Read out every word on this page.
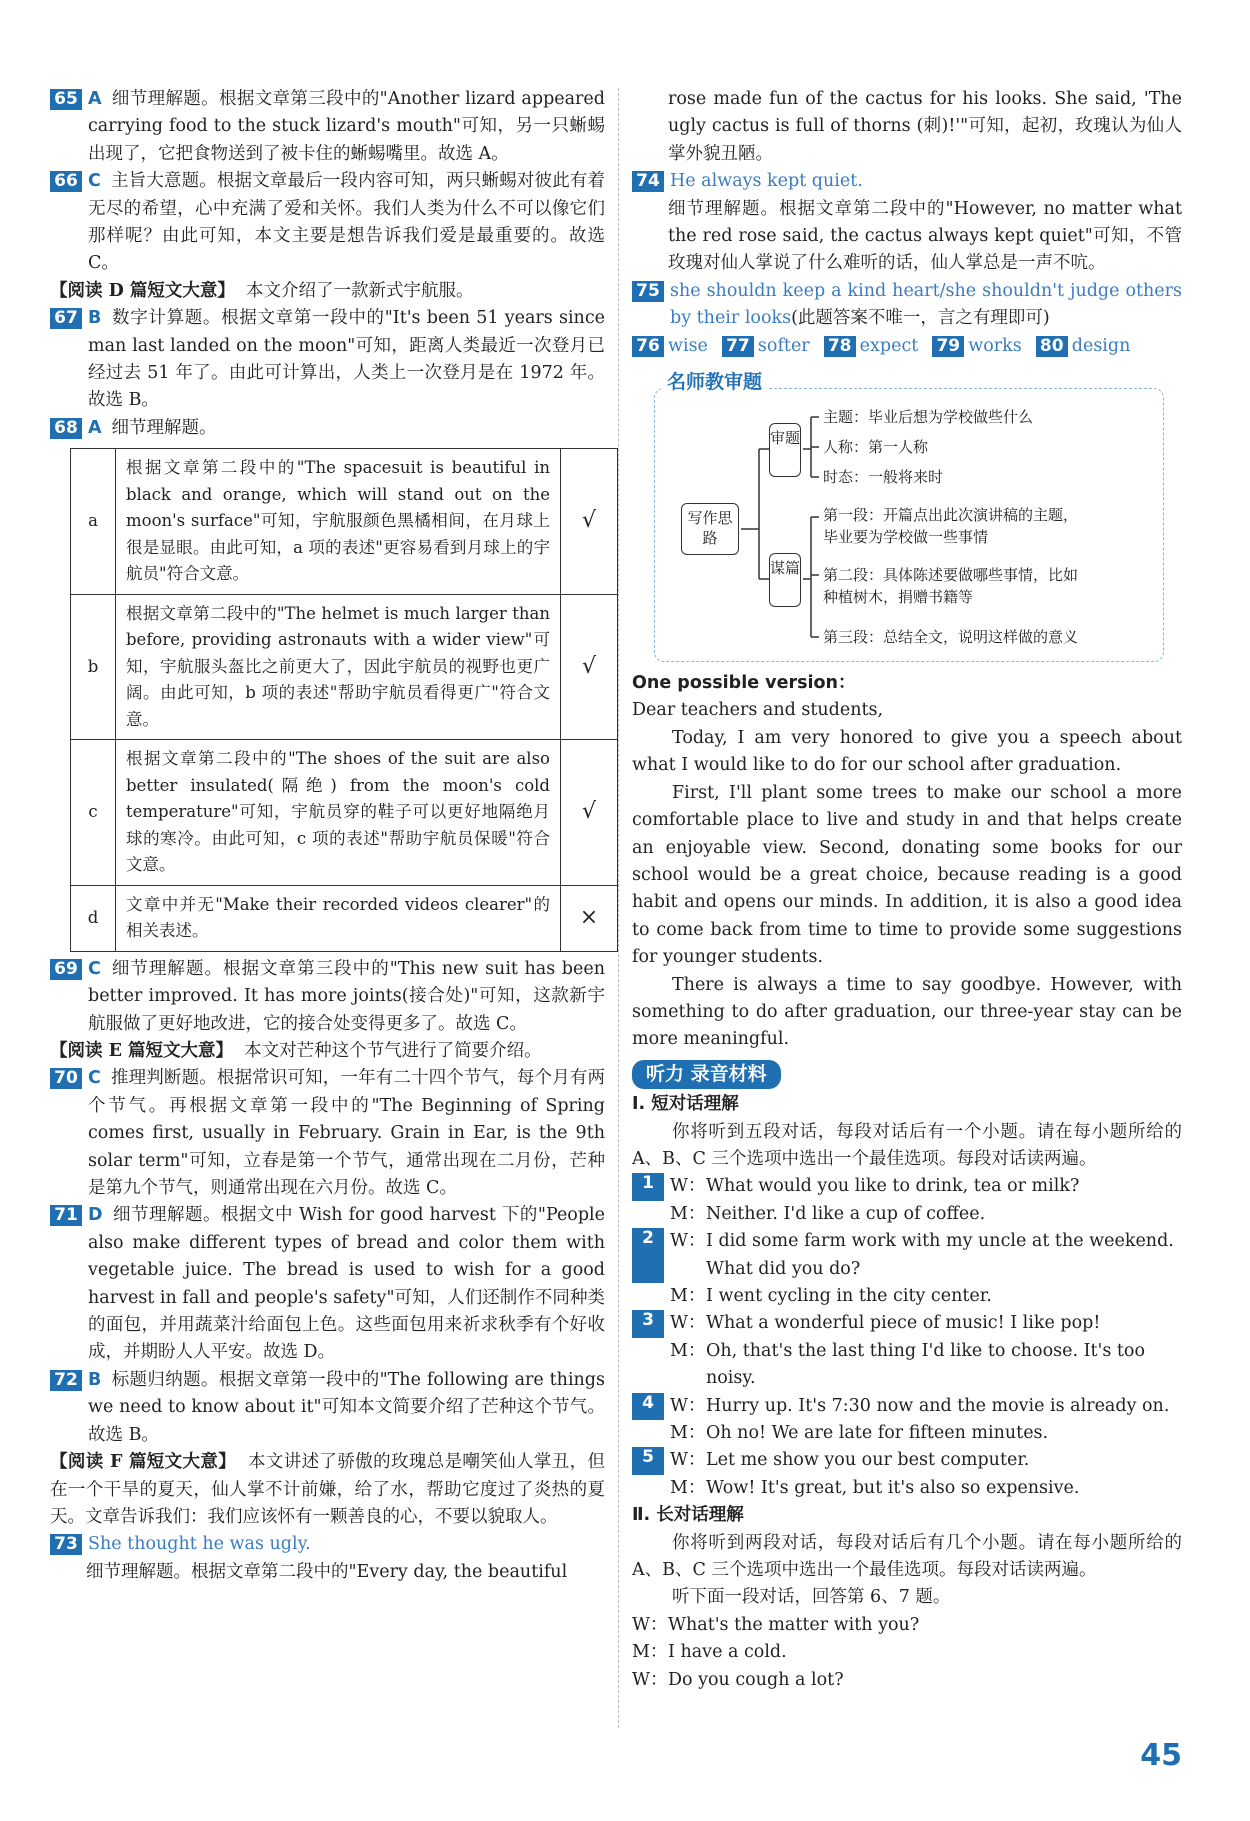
65 A 细节理解题。根据文章第三段中的"Another lizard appeared carrying food to the stuck lizard's mouth"可知，另一只蜥蜴出现了，它把食物送到了被卡住的蜥蜴嘴里。故选 A。
66 C 主旨大意题。根据文章最后一段内容可知，两只蜥蜴对彼此有着无尽的希望，心中充满了爱和关怀。我们人类为什么不可以像它们那样呢？由此可知，本文主要是想告诉我们爱是最重要的。故选 C。
【阅读 D 篇短文大意】 本文介绍了一款新式宇航服。
67 B 数字计算题。根据文章第一段中的"It's been 51 years since man last landed on the moon"可知，距离人类最近一次登月已经过去 51 年了。由此可计算出，人类上一次登月是在 1972 年。故选 B。
68 A 细节理解题。
a	根据文章第二段中的"The spacesuit is beautiful in black and orange, which will stand out on the moon's surface"可知，宇航服颜色黑橘相间，在月球上很是显眼。由此可知，a 项的表述"更容易看到月球上的宇航员"符合文意。	√
b	根据文章第二段中的"The helmet is much larger than before, providing astronauts with a wider view"可知，宇航服头盔比之前更大了，因此宇航员的视野也更广阔。由此可知，b 项的表述"帮助宇航员看得更广"符合文意。	√
c	根据文章第二段中的"The shoes of the suit are also better insulated(隔绝) from the moon's cold temperature"可知，宇航员穿的鞋子可以更好地隔绝月球的寒冷。由此可知，c 项的表述"帮助宇航员保暖"符合文意。	√
d	文章中并无"Make their recorded videos clearer"的相关表述。	×
69 C 细节理解题。根据文章第三段中的"This new suit has been better improved. It has more joints(接合处)"可知，这款新宇航服做了更好地改进，它的接合处变得更多了。故选 C。
【阅读 E 篇短文大意】 本文对芒种这个节气进行了简要介绍。
70 C 推理判断题。根据常识可知，一年有二十四个节气，每个月有两个节气。再根据文章第一段中的"The Beginning of Spring comes first, usually in February. Grain in Ear, is the 9th solar term"可知，立春是第一个节气，通常出现在二月份，芒种是第九个节气，则通常出现在六月份。故选 C。
71 D 细节理解题。根据文中 Wish for good harvest 下的"People also make different types of bread and color them with vegetable juice. The bread is used to wish for a good harvest in fall and people's safety"可知，人们还制作不同种类的面包，并用蔬菜汁给面包上色。这些面包用来祈求秋季有个好收成，并期盼人人平安。故选 D。
72 B 标题归纳题。根据文章第一段中的"The following are things we need to know about it"可知本文简要介绍了芒种这个节气。故选 B。
【阅读 F 篇短文大意】 本文讲述了骄傲的玫瑰总是嘲笑仙人掌丑，但在一个干旱的夏天，仙人掌不计前嫌，给了水，帮助它度过了炎热的夏天。文章告诉我们：我们应该怀有一颗善良的心，不要以貌取人。
73 She thought he was ugly.
细节理解题。根据文章第二段中的"Every day, the beautiful
rose made fun of the cactus for his looks. She said, 'The ugly cactus is full of thorns (刺)!'"可知，起初，玫瑰认为仙人掌外貌丑陋。
74 He always kept quiet.
细节理解题。根据文章第二段中的"However, no matter what the red rose said, the cactus always kept quiet"可知，不管玫瑰对仙人掌说了什么难听的话，仙人掌总是一声不吭。
75 she shouldn keep a kind heart/she shouldn't judge others by their looks(此题答案不唯一，言之有理即可)
76 wise 77 softer 78 expect 79 works 80 design
名师教审题
写作思路
审题
谋篇
主题：毕业后想为学校做些什么
人称：第一人称
时态：一般将来时
第一段：开篇点出此次演讲稿的主题，
毕业要为学校做一些事情
第二段：具体陈述要做哪些事情，比如
种植树木，捐赠书籍等
第三段：总结全文，说明这样做的意义
One possible version：
Dear teachers and students,
Today, I am very honored to give you a speech about what I would like to do for our school after graduation.
First, I'll plant some trees to make our school a more comfortable place to live and study in and that helps create an enjoyable view. Second, donating some books for our school would be a great choice, because reading is a good habit and opens our minds. In addition, it is also a good idea to come back from time to time to provide some suggestions for younger students.
There is always a time to say goodbye. However, with something to do after graduation, our three-year stay can be more meaningful.
听力 录音材料
Ⅰ. 短对话理解
你将听到五段对话，每段对话后有一个小题。请在每小题所给的 A、B、C 三个选项中选出一个最佳选项。每段对话读两遍。
1 W： What would you like to drink, tea or milk?
M： Neither. I'd like a cup of coffee.
2 W： I did some farm work with my uncle at the weekend. What did you do?
M： I went cycling in the city center.
3 W： What a wonderful piece of music! I like pop!
M： Oh, that's the last thing I'd like to choose. It's too noisy.
4 W： Hurry up. It's 7:30 now and the movie is already on.
M： Oh no! We are late for fifteen minutes.
5 W： Let me show you our best computer.
M： Wow! It's great, but it's also so expensive.
Ⅱ. 长对话理解
你将听到两段对话，每段对话后有几个小题。请在每小题所给的 A、B、C 三个选项中选出一个最佳选项。每段对话读两遍。
听下面一段对话，回答第 6、7 题。
W： What's the matter with you?
M： I have a cold.
W： Do you cough a lot?
45
